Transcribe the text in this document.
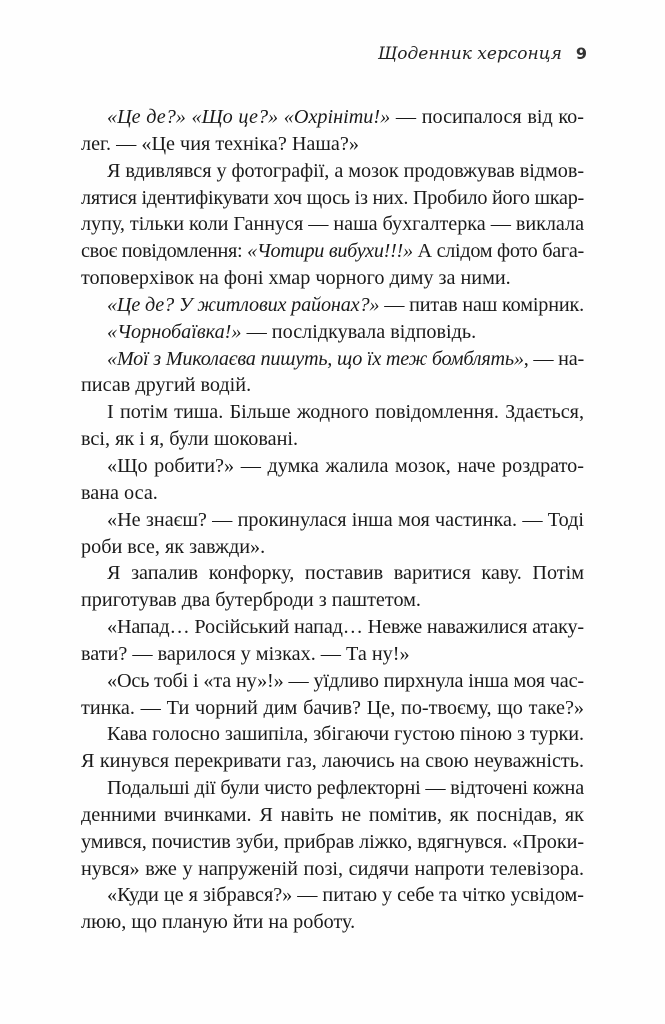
Щоденник херсонця 9
«Це де?» «Що це?» «Охрініти!» — посипалося від ко-
лег. — «Це чия техніка? Наша?»
Я вдивлявся у фотографії, а мозок продовжував відмов-
лятися ідентифікувати хоч щось із них. Пробило його шкар-
лупу, тільки коли Ганнуся — наша бухгалтерка — виклала
своє повідомлення: «Чотири вибухи!!!» А слідом фото бага-
топоверхівок на фоні хмар чорного диму за ними.
«Це де? У житлових районах?» — питав наш комірник.
«Чорнобаївка!» — послідкувала відповідь.
«Мої з Миколаєва пишуть, що їх теж бомблять», — на-
писав другий водій.
І потім тиша. Більше жодного повідомлення. Здається,
всі, як і я, були шоковані.
«Що робити?» — думка жалила мозок, наче роздрато-
вана оса.
«Не знаєш? — прокинулася інша моя частинка. — Тоді
роби все, як завжди».
Я запалив конфорку, поставив варитися каву. Потім
приготував два бутерброди з паштетом.
«Напад… Російський напад… Невже наважилися атаку-
вати? — варилося у мізках. — Та ну!»
«Ось тобі і «та ну»!» — уїдливо пирхнула інша моя час-
тинка. — Ти чорний дим бачив? Це, по-твоєму, що таке?»
Кава голосно зашипіла, збігаючи густою піною з турки.
Я кинувся перекривати газ, лаючись на свою неуважність.
Подальші дії були чисто рефлекторні — відточені кожна
денними вчинками. Я навіть не помітив, як поснідав, як
умився, почистив зуби, прибрав ліжко, вдягнувся. «Проки-
нувся» вже у напруженій позі, сидячи напроти телевізора.
«Куди це я зібрався?» — питаю у себе та чітко усвідом-
люю, що планую йти на роботу.
